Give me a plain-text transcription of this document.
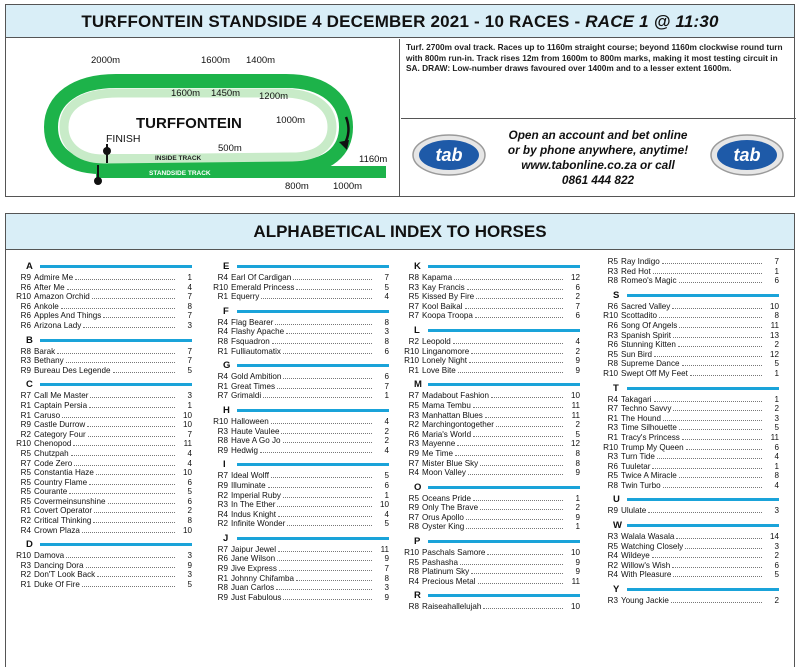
TURFFONTEIN STANDSIDE 4 DECEMBER 2021 - 10 RACES - RACE 1 @ 11:30
TURFFONTEIN
FINISH
INSIDE TRACK
STANDSIDE TRACK
2000m	1600m 1400m
1600m 1450m 1200m
1000m
500m
1160m
800m	1000m
Turf. 2700m oval track. Races up to 1160m straight course; beyond 1160m clockwise round turn with 800m run-in. Track rises 12m from 1600m to 800m marks, making it most testing circuit in SA. DRAW: Low-number draws favoured over 1400m and to a lesser extent 1600m.
tab
Open an account and bet online
or by phone anywhere, anytime!
www.tabonline.co.za or call
0861 444 822
tab
ALPHABETICAL INDEX TO HORSES
A
R9 Admire Me	1
R6 After Me	4
R10 Amazon Orchid	7
R6 Ankole	8
R6 Apples And Things	7
R6 Arizona Lady	3
B
R8 Barak	7
R3 Bethany	7
R9 Bureau Des Legende	5
C
R7 Call Me Master	3
R1 Captain Persia	1
R1 Caruso	10
R9 Castle Durrow	10
R2 Category Four	7
R10 Chenopod	11
R5 Chutzpah	4
R7 Code Zero	4
R5 Constantia Haze	10
R5 Country Flame	6
R5 Courante	5
R5 Covermeinsunshine	6
R1 Covert Operator	2
R2 Critical Thinking	8
R4 Crown Plaza	10
D
R10 Damova	3
R3 Dancing Dora	9
R2 Don'T Look Back	3
R1 Duke Of Fire	5
E
R4 Earl Of Cardigan	7
R10 Emerald Princess	5
R1 Equerry	4
F
R4 Flag Bearer	8
R4 Flashy Apache	3
R8 Fsquadron	8
R1 Fulliautomatix	6
G
R4 Gold Ambition	6
R1 Great Times	7
R7 Grimaldi	1
H
R10 Halloween	4
R3 Haute Vaulee	2
R8 Have A Go Jo	2
R9 Hedwig	4
I
R7 Ideal Wolff	5
R9 Illuminate	6
R2 Imperial Ruby	1
R3 In The Ether	10
R4 Indus Knight	4
R2 Infinite Wonder	5
J
R7 Jaipur Jewel	11
R6 Jane Wilson	9
R9 Jive Express	7
R1 Johnny Chifamba	8
R8 Juan Carlos	3
R9 Just Fabulous	9
K
R8 Kapama	12
R3 Kay Francis	6
R5 Kissed By Fire	2
R7 Kool Baikal	7
R7 Koopa Troopa	6
L
R2 Leopold	4
R10 Linganomore	2
R10 Lonely Night	9
R1 Love Bite	9
M
R7 Madabout Fashion	10
R5 Mama Tembu	11
R3 Manhattan Blues	11
R2 Marchingontogether	2
R6 Maria's World	5
R3 Mayenne	12
R9 Me Time	8
R7 Mister Blue Sky	8
R4 Moon Valley	9
O
R5 Oceans Pride	1
R9 Only The Brave	2
R7 Orus Apollo	9
R8 Oyster King	1
P
R10 Paschals Samore	10
R5 Pashasha	9
R8 Platinum Sky	9
R4 Precious Metal	11
R
R8 Raiseahallelujah	10
R5 Ray Indigo	7
R3 Red Hot	1
R8 Romeo's Magic	6
S
R6 Sacred Valley	10
R10 Scottadito	8
R6 Song Of Angels	11
R3 Spanish Spirit	13
R6 Stunning Kitten	2
R5 Sun Bird	12
R8 Supreme Dance	5
R10 Swept Off My Feet	1
T
R4 Takagari	1
R7 Techno Savvy	2
R1 The Hound	3
R3 Time Silhouette	5
R1 Tracy's Princess	11
R10 Trump My Queen	6
R3 Turn Tide	4
R6 Tuuletar	1
R5 Twice A Miracle	8
R8 Twin Turbo	4
U
R9 Ululate	3
W
R3 Walala Wasala	14
R5 Watching Closely	3
R4 Wildeye	2
R2 Willow's Wish	6
R4 With Pleasure	5
Y
R3 Young Jackie	2
